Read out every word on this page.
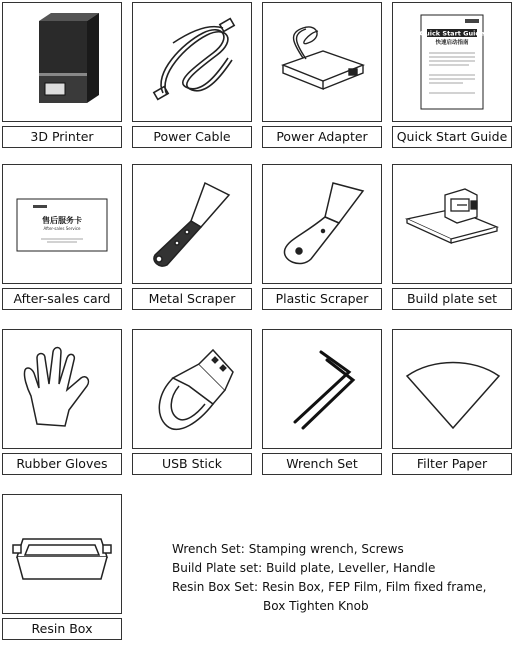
3D Printer	Power Cable	Power Adapter
Quick Start Guide
快速启动指南
Quick Start Guide
售后服务卡
After-sales Service
After-sales card	Metal Scraper	Plastic Scraper	Build plate set
Rubber Gloves	USB Stick	Wrench Set	Filter Paper
Resin Box
Wrench Set: Stamping wrench, Screws
Build Plate set: Build plate, Leveller, Handle
Resin Box Set: Resin Box, FEP Film, Film fixed frame,
Box Tighten Knob
